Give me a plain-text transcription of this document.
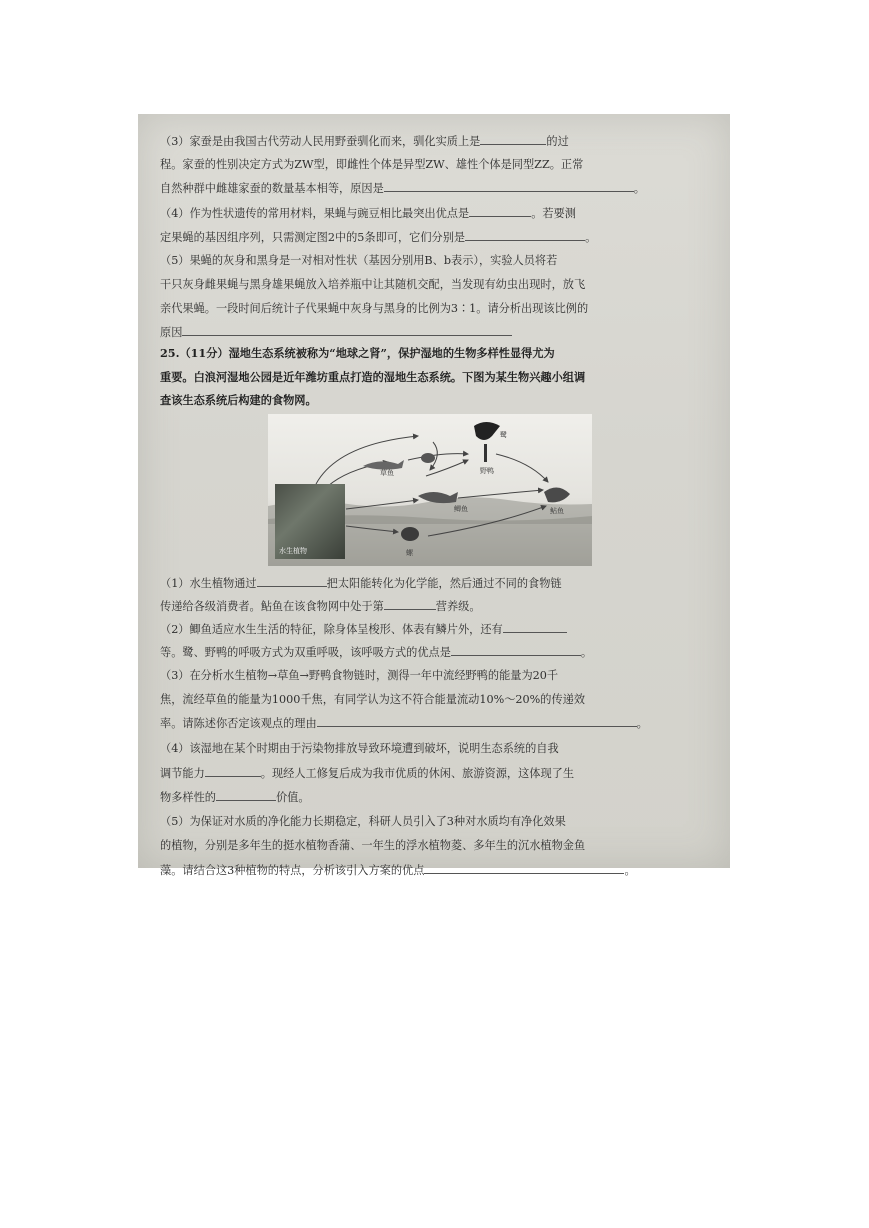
（3）家蚕是由我国古代劳动人民用野蚕驯化而来，驯化实质上是	的过
程。家蚕的性别决定方式为ZW型，即雌性个体是异型ZW、雄性个体是同型ZZ。正常
自然种群中雌雄家蚕的数量基本相等，原因是	。
（4）作为性状遗传的常用材料，果蝇与豌豆相比最突出优点是	。若要测
定果蝇的基因组序列，只需测定图2中的5条即可，它们分别是	。
（5）果蝇的灰身和黑身是一对相对性状（基因分别用B、b表示），实验人员将若
干只灰身雌果蝇与黑身雄果蝇放入培养瓶中让其随机交配，当发现有幼虫出现时，放飞
亲代果蝇。一段时间后统计子代果蝇中灰身与黑身的比例为3∶1。请分析出现该比例的
原因
25.（11分）湿地生态系统被称为“地球之肾”，保护湿地的生物多样性显得尤为
重要。白浪河湿地公园是近年潍坊重点打造的湿地生态系统。下图为某生物兴趣小组调
查该生态系统后构建的食物网。
（1）水生植物通过	把太阳能转化为化学能，然后通过不同的食物链
传递给各级消费者。鲇鱼在该食物网中处于第	营养级。
（2）鲫鱼适应水生生活的特征，除身体呈梭形、体表有鳞片外，还有
等。鹭、野鸭的呼吸方式为双重呼吸，该呼吸方式的优点是	。
（3）在分析水生植物→草鱼→野鸭食物链时，测得一年中流经野鸭的能量为20千
焦，流经草鱼的能量为1000千焦，有同学认为这不符合能量流动10%～20%的传递效
率。请陈述你否定该观点的理由	。
（4）该湿地在某个时期由于污染物排放导致环境遭到破坏，说明生态系统的自我
调节能力	。现经人工修复后成为我市优质的休闲、旅游资源，这体现了生
物多样性的	价值。
（5）为保证对水质的净化能力长期稳定，科研人员引入了3种对水质均有净化效果
的植物，分别是多年生的挺水植物香蒲、一年生的浮水植物菱、多年生的沉水植物金鱼
藻。请结合这3种植物的特点，分析该引入方案的优点	。
水生植物
草鱼	野鸭
鲇鱼
鲫鱼
鹭
螺
